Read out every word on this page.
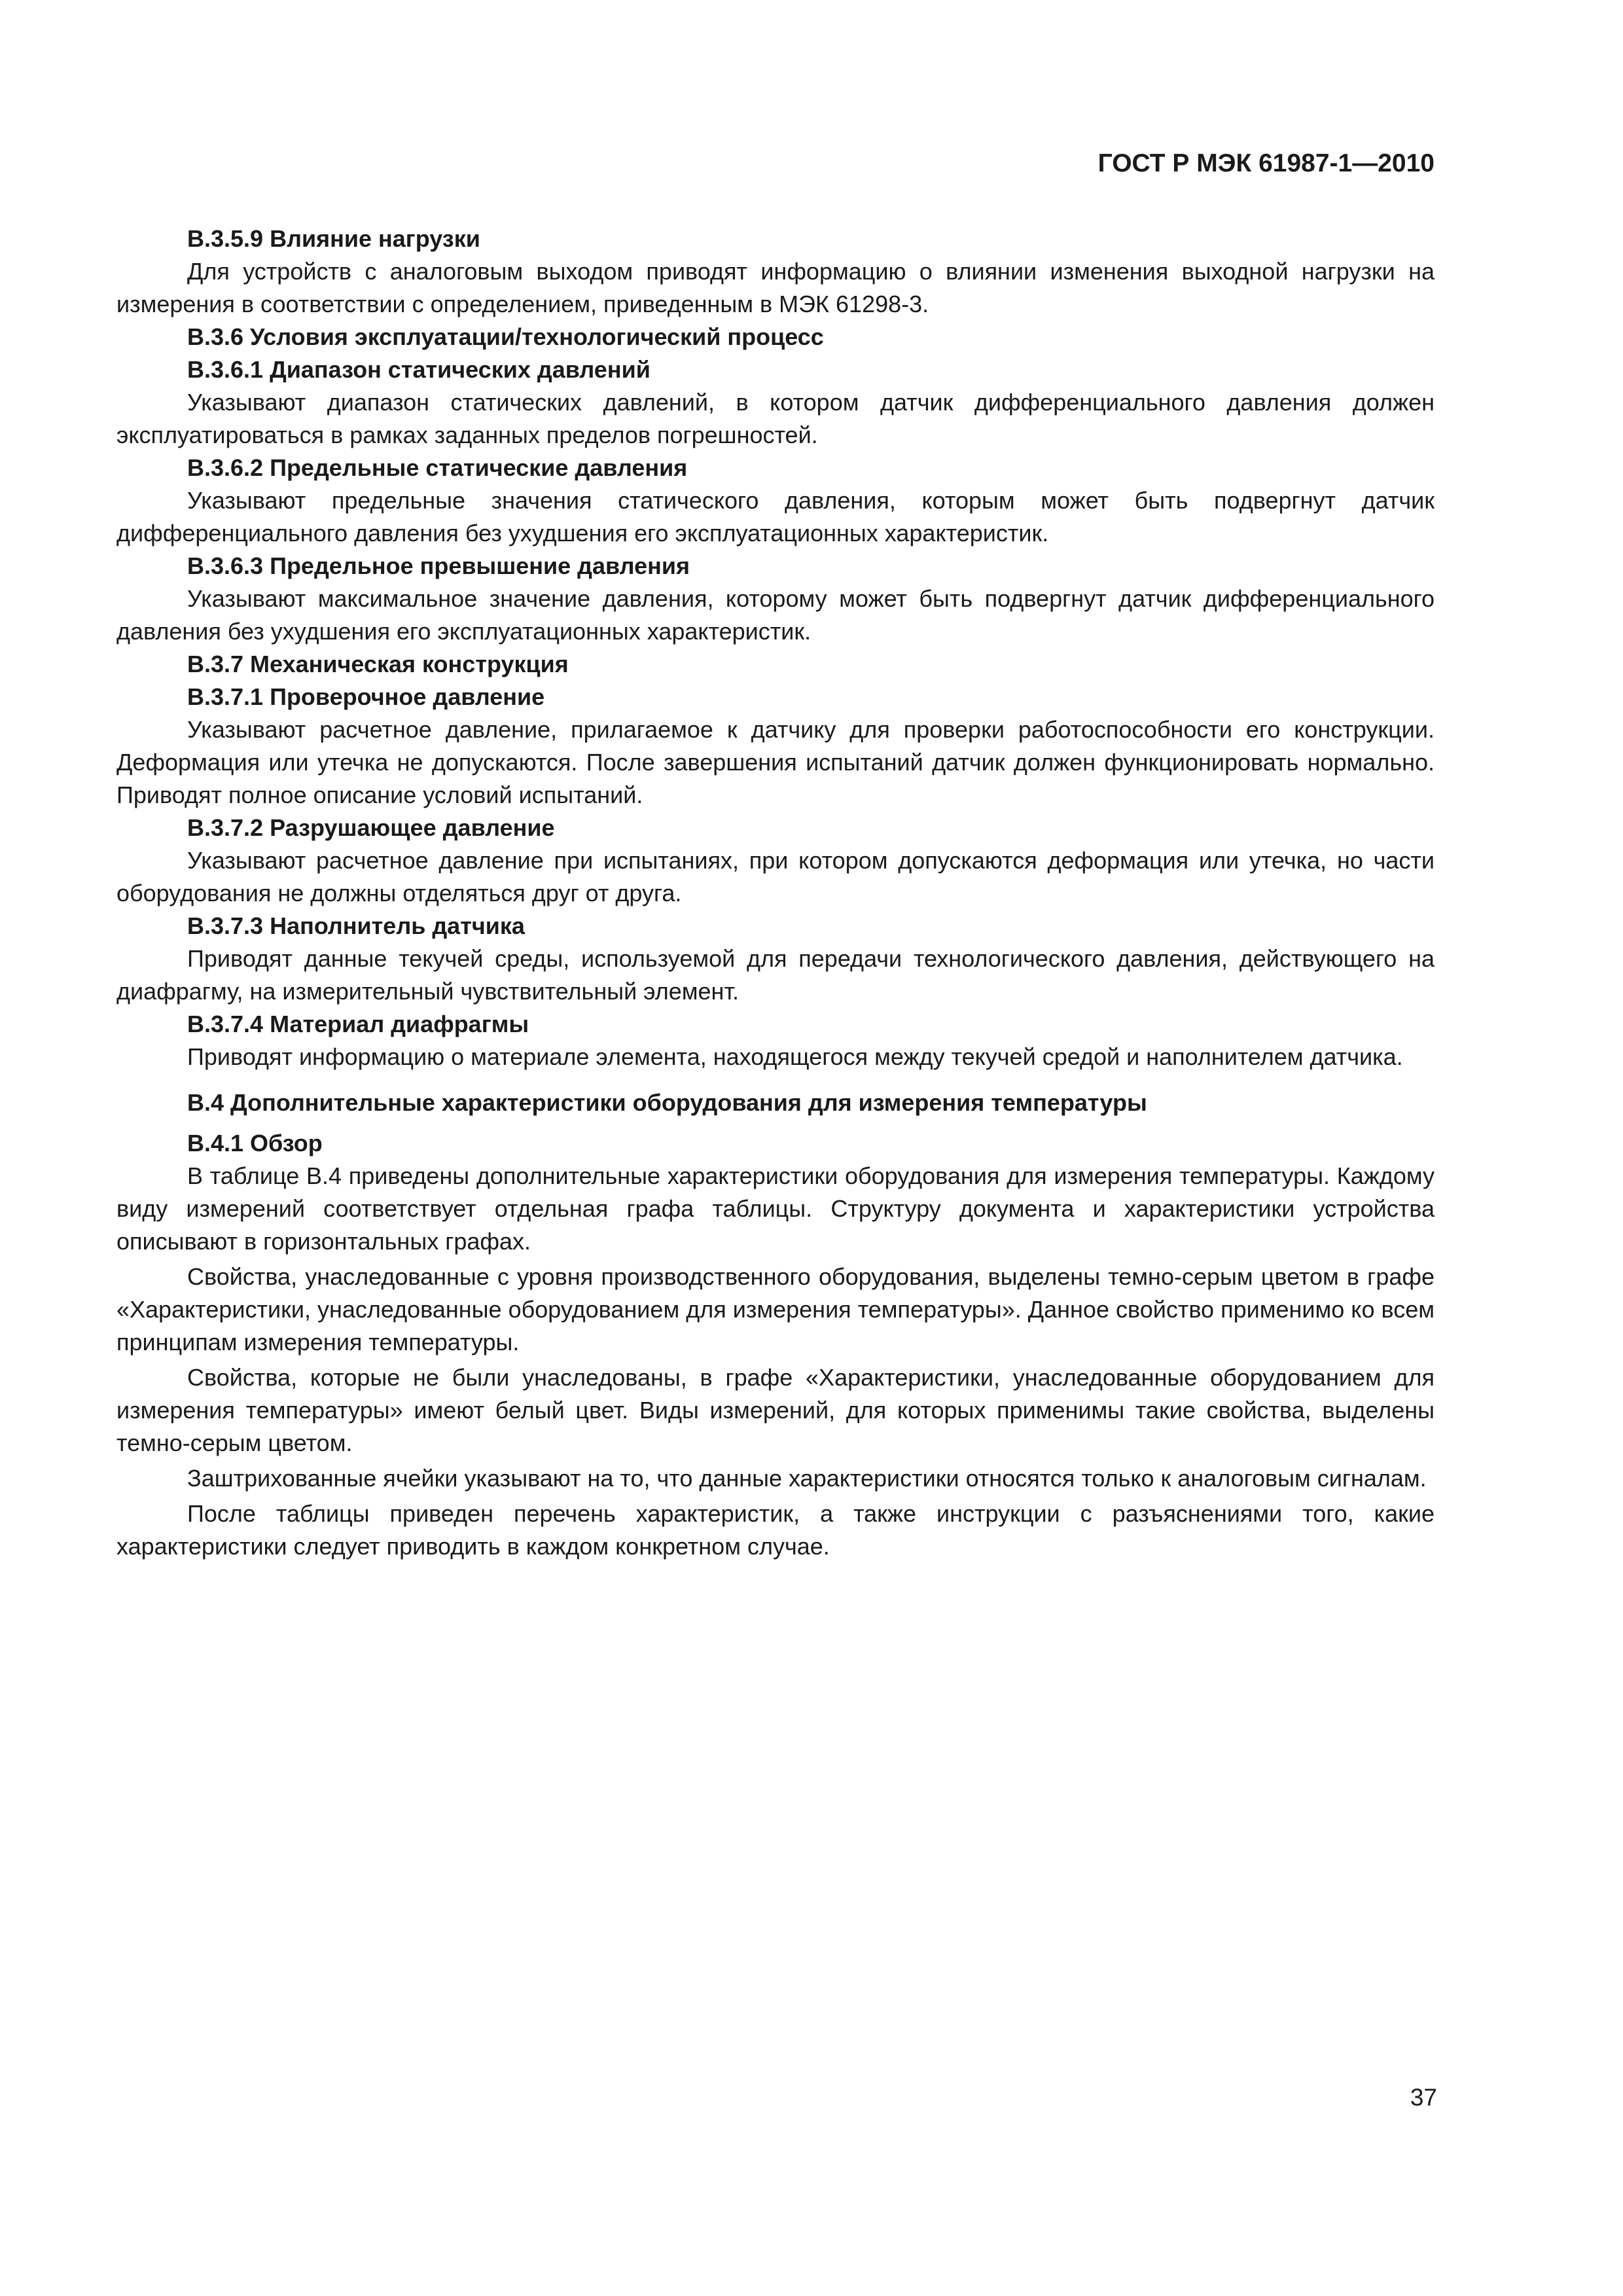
ГОСТ Р МЭК 61987-1—2010

B.3.5.9 Влияние нагрузки

Для устройств с аналоговым выходом приводят информацию о влиянии изменения выходной нагрузки на измерения в соответствии с определением, приведенным в МЭК 61298-3.

B.3.6 Условия эксплуатации/технологический процесс

B.3.6.1 Диапазон статических давлений

Указывают диапазон статических давлений, в котором датчик дифференциального давления должен эксплуатироваться в рамках заданных пределов погрешностей.

B.3.6.2 Предельные статические давления

Указывают предельные значения статического давления, которым может быть подвергнут датчик дифференциального давления без ухудшения его эксплуатационных характеристик.

B.3.6.3 Предельное превышение давления

Указывают максимальное значение давления, которому может быть подвергнут датчик дифференциального давления без ухудшения его эксплуатационных характеристик.

B.3.7 Механическая конструкция

B.3.7.1 Проверочное давление

Указывают расчетное давление, прилагаемое к датчику для проверки работоспособности его конструкции. Деформация или утечка не допускаются. После завершения испытаний датчик должен функционировать нормально. Приводят полное описание условий испытаний.

B.3.7.2 Разрушающее давление

Указывают расчетное давление при испытаниях, при котором допускаются деформация или утечка, но части оборудования не должны отделяться друг от друга.

B.3.7.3 Наполнитель датчика

Приводят данные текучей среды, используемой для передачи технологического давления, действующего на диафрагму, на измерительный чувствительный элемент.

B.3.7.4 Материал диафрагмы

Приводят информацию о материале элемента, находящегося между текучей средой и наполнителем датчика.

B.4 Дополнительные характеристики оборудования для измерения температуры

B.4.1 Обзор

В таблице B.4 приведены дополнительные характеристики оборудования для измерения температуры. Каждому виду измерений соответствует отдельная графа таблицы. Структуру документа и характеристики устройства описывают в горизонтальных графах.

Свойства, унаследованные с уровня производственного оборудования, выделены темно-серым цветом в графе «Характеристики, унаследованные оборудованием для измерения температуры». Данное свойство применимо ко всем принципам измерения температуры.

Свойства, которые не были унаследованы, в графе «Характеристики, унаследованные оборудованием для измерения температуры» имеют белый цвет. Виды измерений, для которых применимы такие свойства, выделены темно-серым цветом.

Заштрихованные ячейки указывают на то, что данные характеристики относятся только к аналоговым сигналам.

После таблицы приведен перечень характеристик, а также инструкции с разъяснениями того, какие характеристики следует приводить в каждом конкретном случае.

37
